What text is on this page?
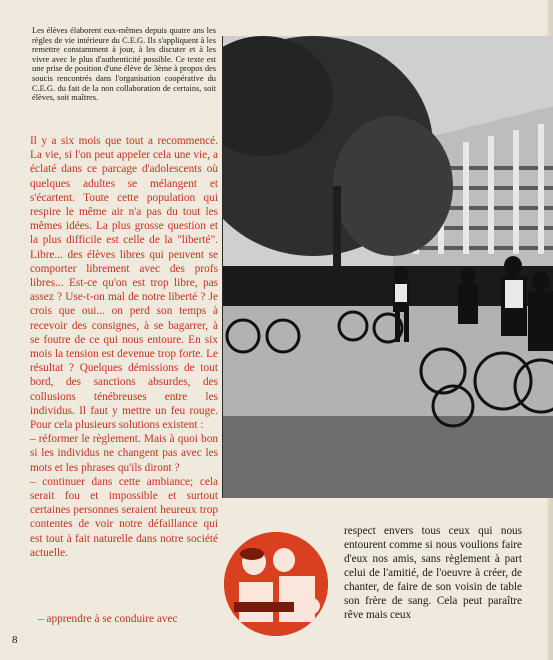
Les élèves élaborent eux-mêmes depuis quatre ans les règles de vie intérieure du C.E.G. Ils s'appliquent à les remettre constamment à jour, à les discuter et à les vivre avec le plus d'authenticité possible. Ce texte est une prise de position d'une élève de 3ème à propos des soucis rencontrés dans l'organisation coopérative du C.E.G. du fait de la non collaboration de certains, soit élèves, soit maîtres.

Il y a six mois que tout a recommencé. La vie, si l'on peut appeler cela une vie, a éclaté dans ce parcage d'adolescents où quelques adultes se mélangent et s'écartent. Toute cette population qui respire le même air n'a pas du tout les mêmes idées. La plus grosse question et la plus difficile est celle de la "liberté". Libre... des élèves libres qui peuvent se comporter librement avec des profs libres... Est-ce qu'on est trop libre, pas assez ? Use-t-on mal de notre liberté ? Je crois que oui... on perd son temps à recevoir des consignes, à se bagarrer, à se foutre de ce qui nous entoure. En six mois la tension est devenue trop forte. Le résultat ? Quelques démissions de tout bord, des sanctions absurdes, des collusions ténébreuses entre les individus. Il faut y mettre un feu rouge. Pour cela plusieurs solutions existent :

– réformer le règlement. Mais à quoi bon si les individus ne changent pas avec les mots et les phrases qu'ils diront ?

– continuer dans cette ambiance; cela serait fou et impossible et surtout certaines personnes seraient heureux trop contentes de voir notre défaillance qui est tout à fait naturelle dans notre société actuelle.

– apprendre à se conduire avec

respect envers tous ceux qui nous entourent comme si nous voulions faire d'eux nos amis, sans règlement à part celui de l'amitié, de l'oeuvre à créer, de chanter, de faire de son voisin de table son frère de sang. Cela peut paraître rêve mais ceux

8
